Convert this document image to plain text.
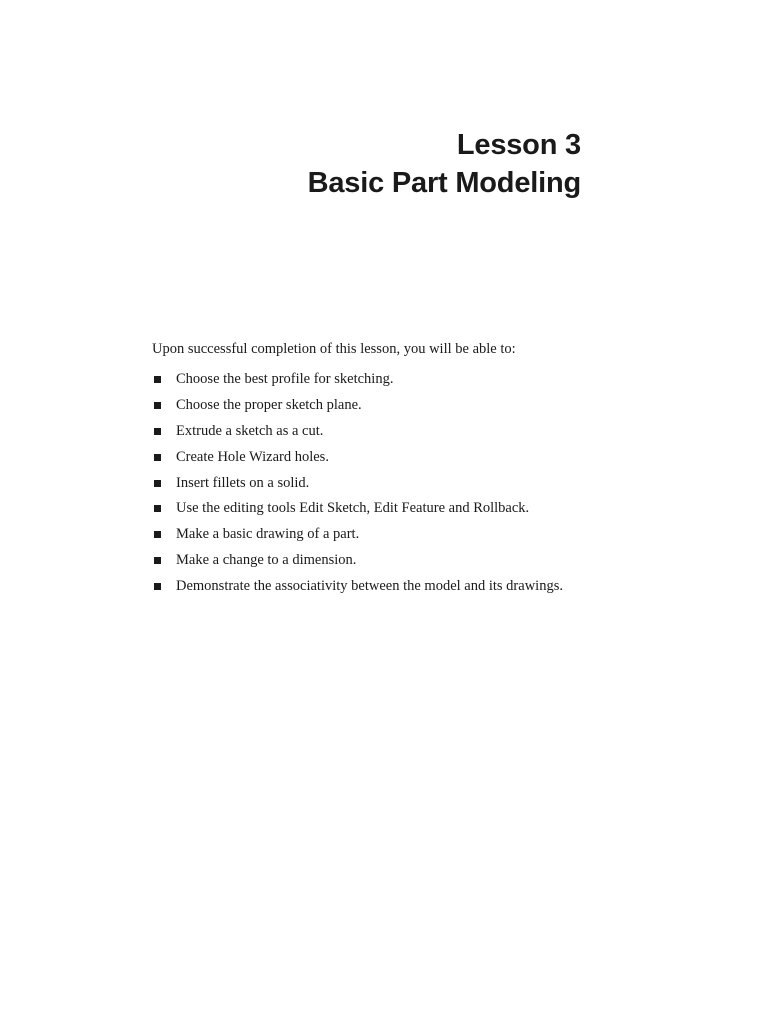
Lesson 3
Basic Part Modeling

Upon successful completion of this lesson, you will be able to:

Choose the best profile for sketching.
Choose the proper sketch plane.
Extrude a sketch as a cut.
Create Hole Wizard holes.
Insert fillets on a solid.
Use the editing tools Edit Sketch, Edit Feature and Rollback.
Make a basic drawing of a part.
Make a change to a dimension.
Demonstrate the associativity between the model and its drawings.
